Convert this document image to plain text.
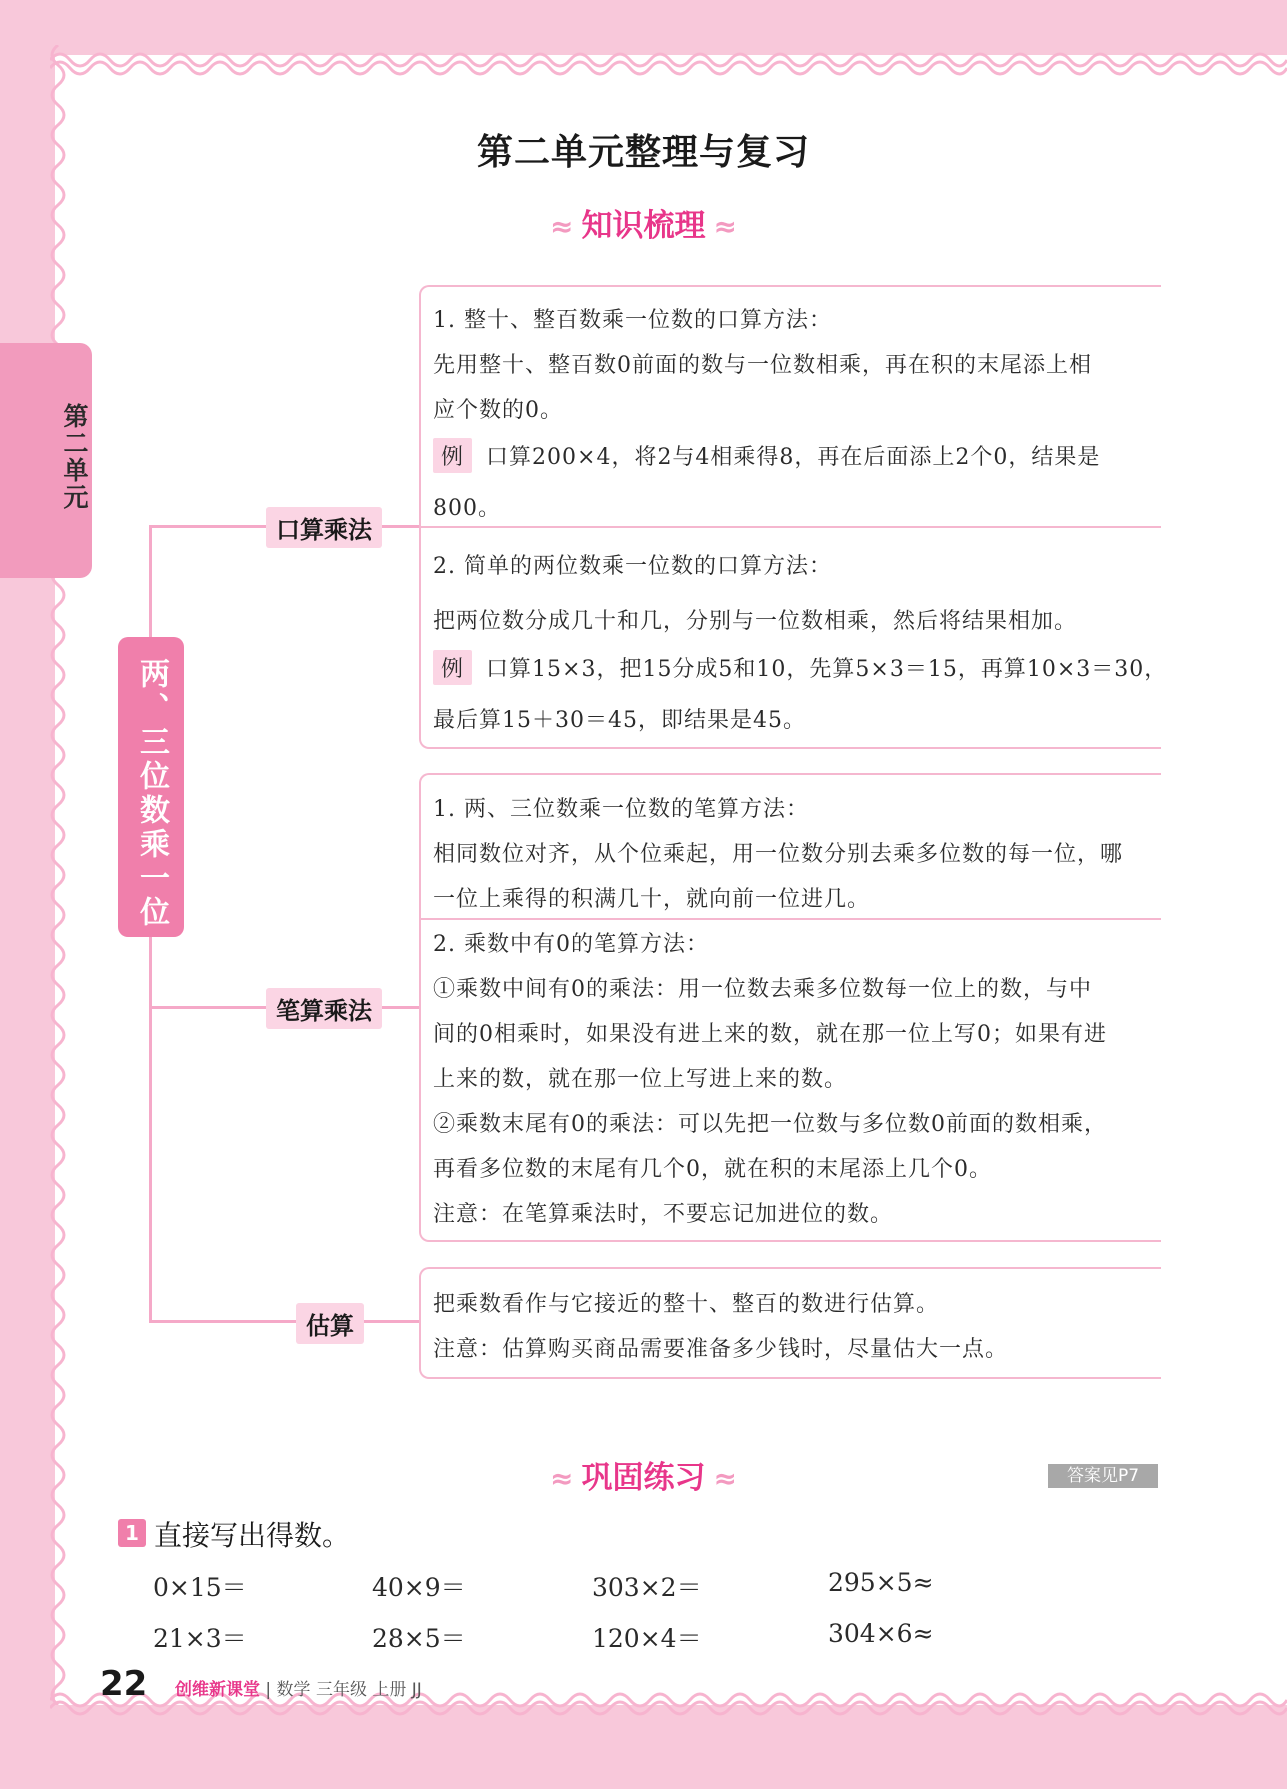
第二单元
第二单元整理与复习
≈ 知识梳理 ≈
两、三位数乘一位数
口算乘法
笔算乘法
估算
1. 整十、整百数乘一位数的口算方法：
先用整十、整百数0前面的数与一位数相乘，再在积的末尾添上相
应个数的0。
例 口算200×4，将2与4相乘得8，再在后面添上2个0，结果是
800。
2. 简单的两位数乘一位数的口算方法：
把两位数分成几十和几，分别与一位数相乘，然后将结果相加。
例 口算15×3，把15分成5和10，先算5×3＝15，再算10×3＝30，
最后算15＋30＝45，即结果是45。
1. 两、三位数乘一位数的笔算方法：
相同数位对齐，从个位乘起，用一位数分别去乘多位数的每一位，哪
一位上乘得的积满几十，就向前一位进几。
2. 乘数中有0的笔算方法：
①乘数中间有0的乘法：用一位数去乘多位数每一位上的数，与中
间的0相乘时，如果没有进上来的数，就在那一位上写0；如果有进
上来的数，就在那一位上写进上来的数。
②乘数末尾有0的乘法：可以先把一位数与多位数0前面的数相乘，
再看多位数的末尾有几个0，就在积的末尾添上几个0。
注意：在笔算乘法时，不要忘记加进位的数。
把乘数看作与它接近的整十、整百的数进行估算。
注意：估算购买商品需要准备多少钱时，尽量估大一点。
≈ 巩固练习 ≈	答案见P7
1 直接写出得数。
0×15＝	40×9＝	303×2＝	295×5≈
21×3＝	28×5＝	120×4＝	304×6≈
22 创维新课堂 | 数学 三年级 上册 JJ
